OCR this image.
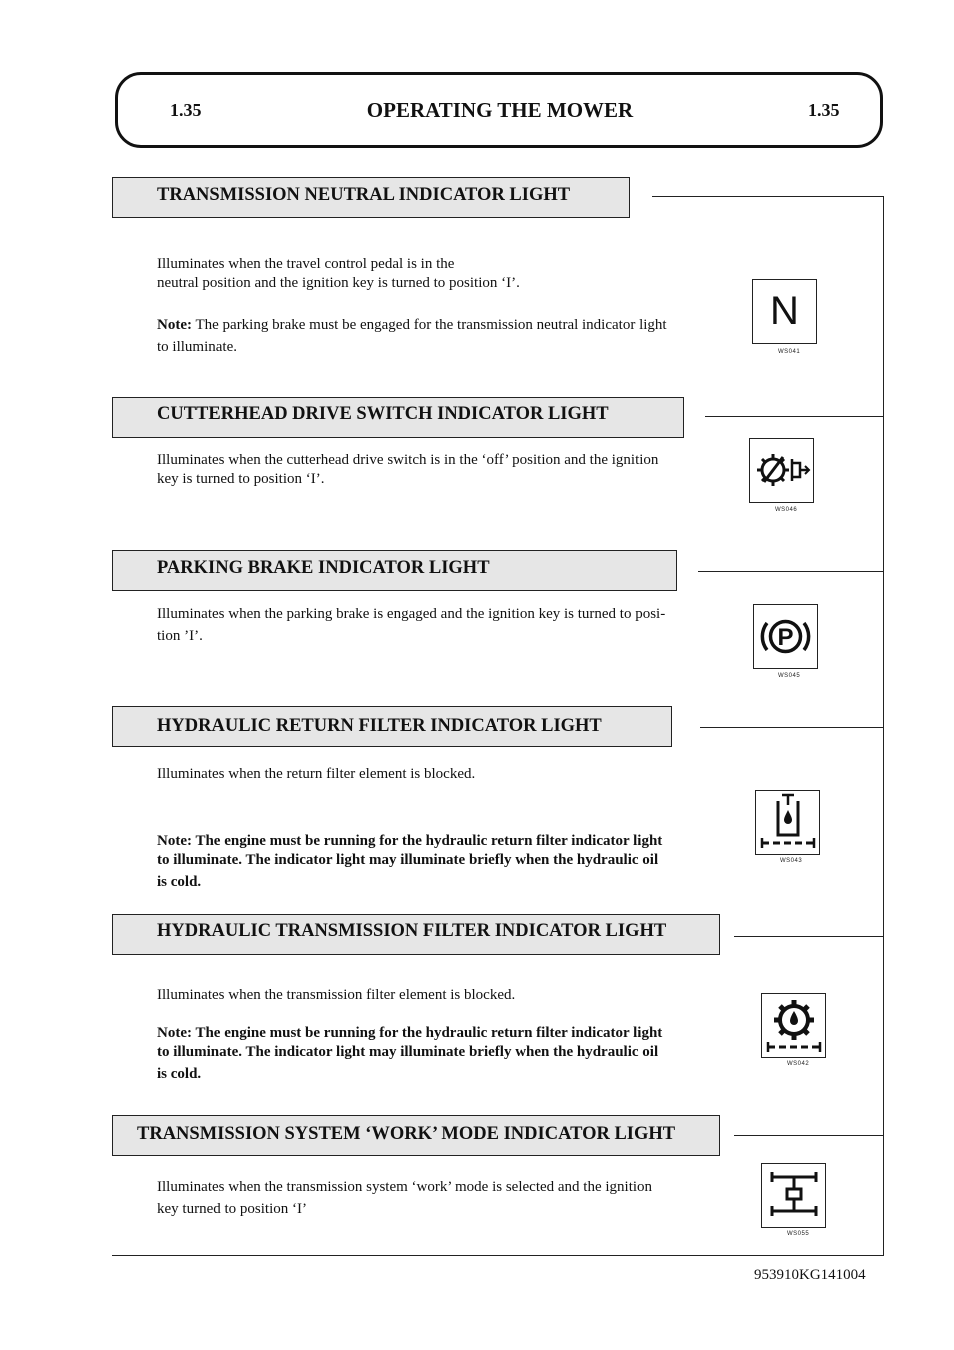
1.35	OPERATING THE MOWER	1.35
TRANSMISSION NEUTRAL INDICATOR LIGHT
Illuminates when the travel control pedal is in the
neutral position and the ignition key is turned to position ‘I’.
Note: The parking brake must be engaged for the transmission neutral indicator light
to illuminate.
N
WS041
CUTTERHEAD DRIVE SWITCH INDICATOR LIGHT
Illuminates when the cutterhead drive switch is in the ‘off’ position and the ignition
key is turned to position ‘I’.
WS046
PARKING BRAKE INDICATOR LIGHT
Illuminates when the parking brake is engaged and the ignition key is turned to posi-
tion ’I’.	P
WS045
HYDRAULIC RETURN FILTER INDICATOR LIGHT
Illuminates when the return filter element is blocked.
Note: The engine must be running for the hydraulic return filter indicator light
to illuminate. The indicator light may illuminate briefly when the hydraulic oil
is cold.
WS043
HYDRAULIC TRANSMISSION FILTER INDICATOR LIGHT
Illuminates when the transmission filter element is blocked.
Note: The engine must be running for the hydraulic return filter indicator light
to illuminate. The indicator light may illuminate briefly when the hydraulic oil
is cold.
WS042
TRANSMISSION SYSTEM ‘WORK’ MODE INDICATOR LIGHT
Illuminates when the transmission system ‘work’ mode is selected and the ignition
key turned to position ‘I’
WS055
953910KG141004
